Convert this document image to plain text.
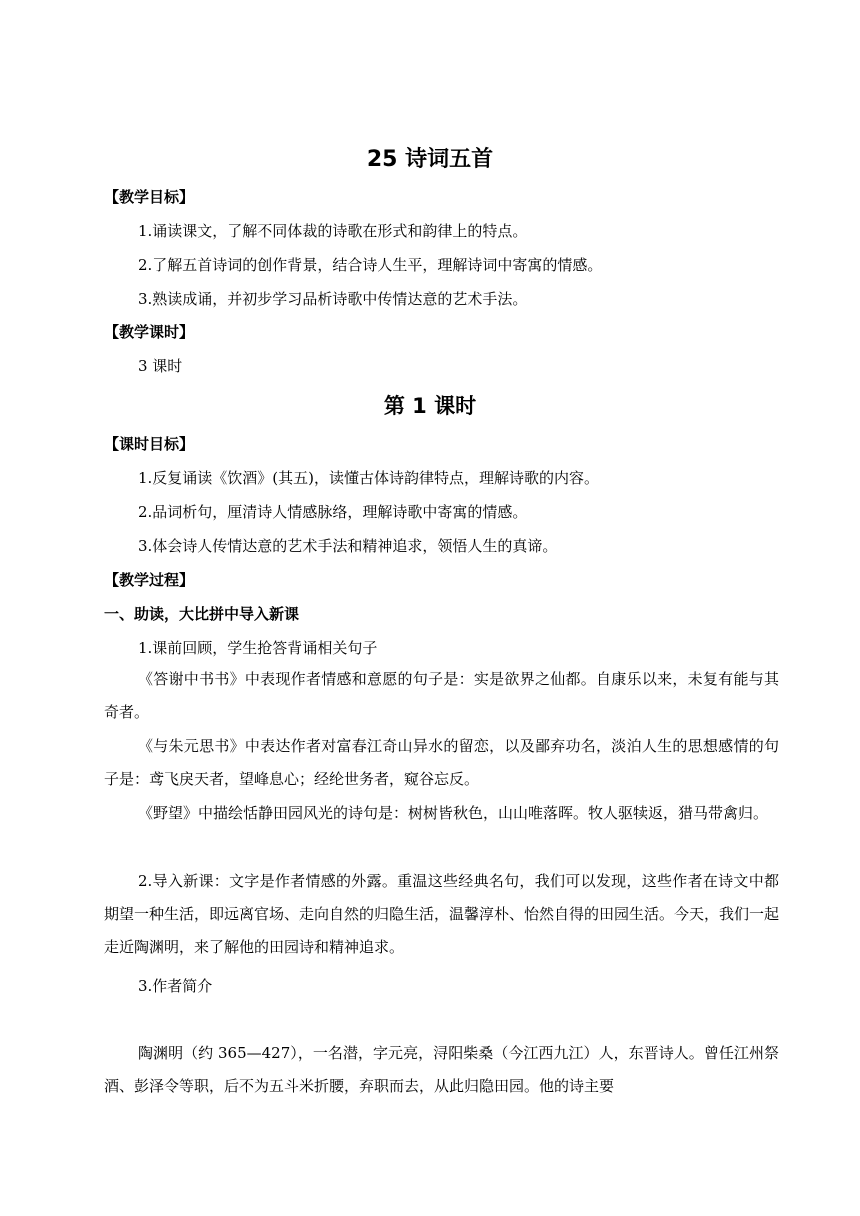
25 诗词五首
【教学目标】
1.诵读课文，了解不同体裁的诗歌在形式和韵律上的特点。
2.了解五首诗词的创作背景，结合诗人生平，理解诗词中寄寓的情感。
3.熟读成诵，并初步学习品析诗歌中传情达意的艺术手法。
【教学课时】
3 课时
第 1 课时
【课时目标】
1.反复诵读《饮酒》(其五)，读懂古体诗韵律特点，理解诗歌的内容。
2.品词析句，厘清诗人情感脉络，理解诗歌中寄寓的情感。
3.体会诗人传情达意的艺术手法和精神追求，领悟人生的真谛。
【教学过程】
一、助读，大比拼中导入新课
1.课前回顾，学生抢答背诵相关句子

《答谢中书书》中表现作者情感和意愿的句子是：实是欲界之仙都。自康乐以来，未复有能与其奇者。

《与朱元思书》中表达作者对富春江奇山异水的留恋，以及鄙弃功名，淡泊人生的思想感情的句子是：鸢飞戾天者，望峰息心；经纶世务者，窥谷忘反。

《野望》中描绘恬静田园风光的诗句是：树树皆秋色，山山唯落晖。牧人驱犊返，猎马带禽归。

2.导入新课：文字是作者情感的外露。重温这些经典名句，我们可以发现，这些作者在诗文中都期望一种生活，即远离官场、走向自然的归隐生活，温馨淳朴、怡然自得的田园生活。今天，我们一起走近陶渊明，来了解他的田园诗和精神追求。

3.作者简介

陶渊明（约 365—427），一名潜，字元亮，浔阳柴桑（今江西九江）人，东晋诗人。曾任江州祭酒、彭泽令等职，后不为五斗米折腰，弃职而去，从此归隐田园。他的诗主要
